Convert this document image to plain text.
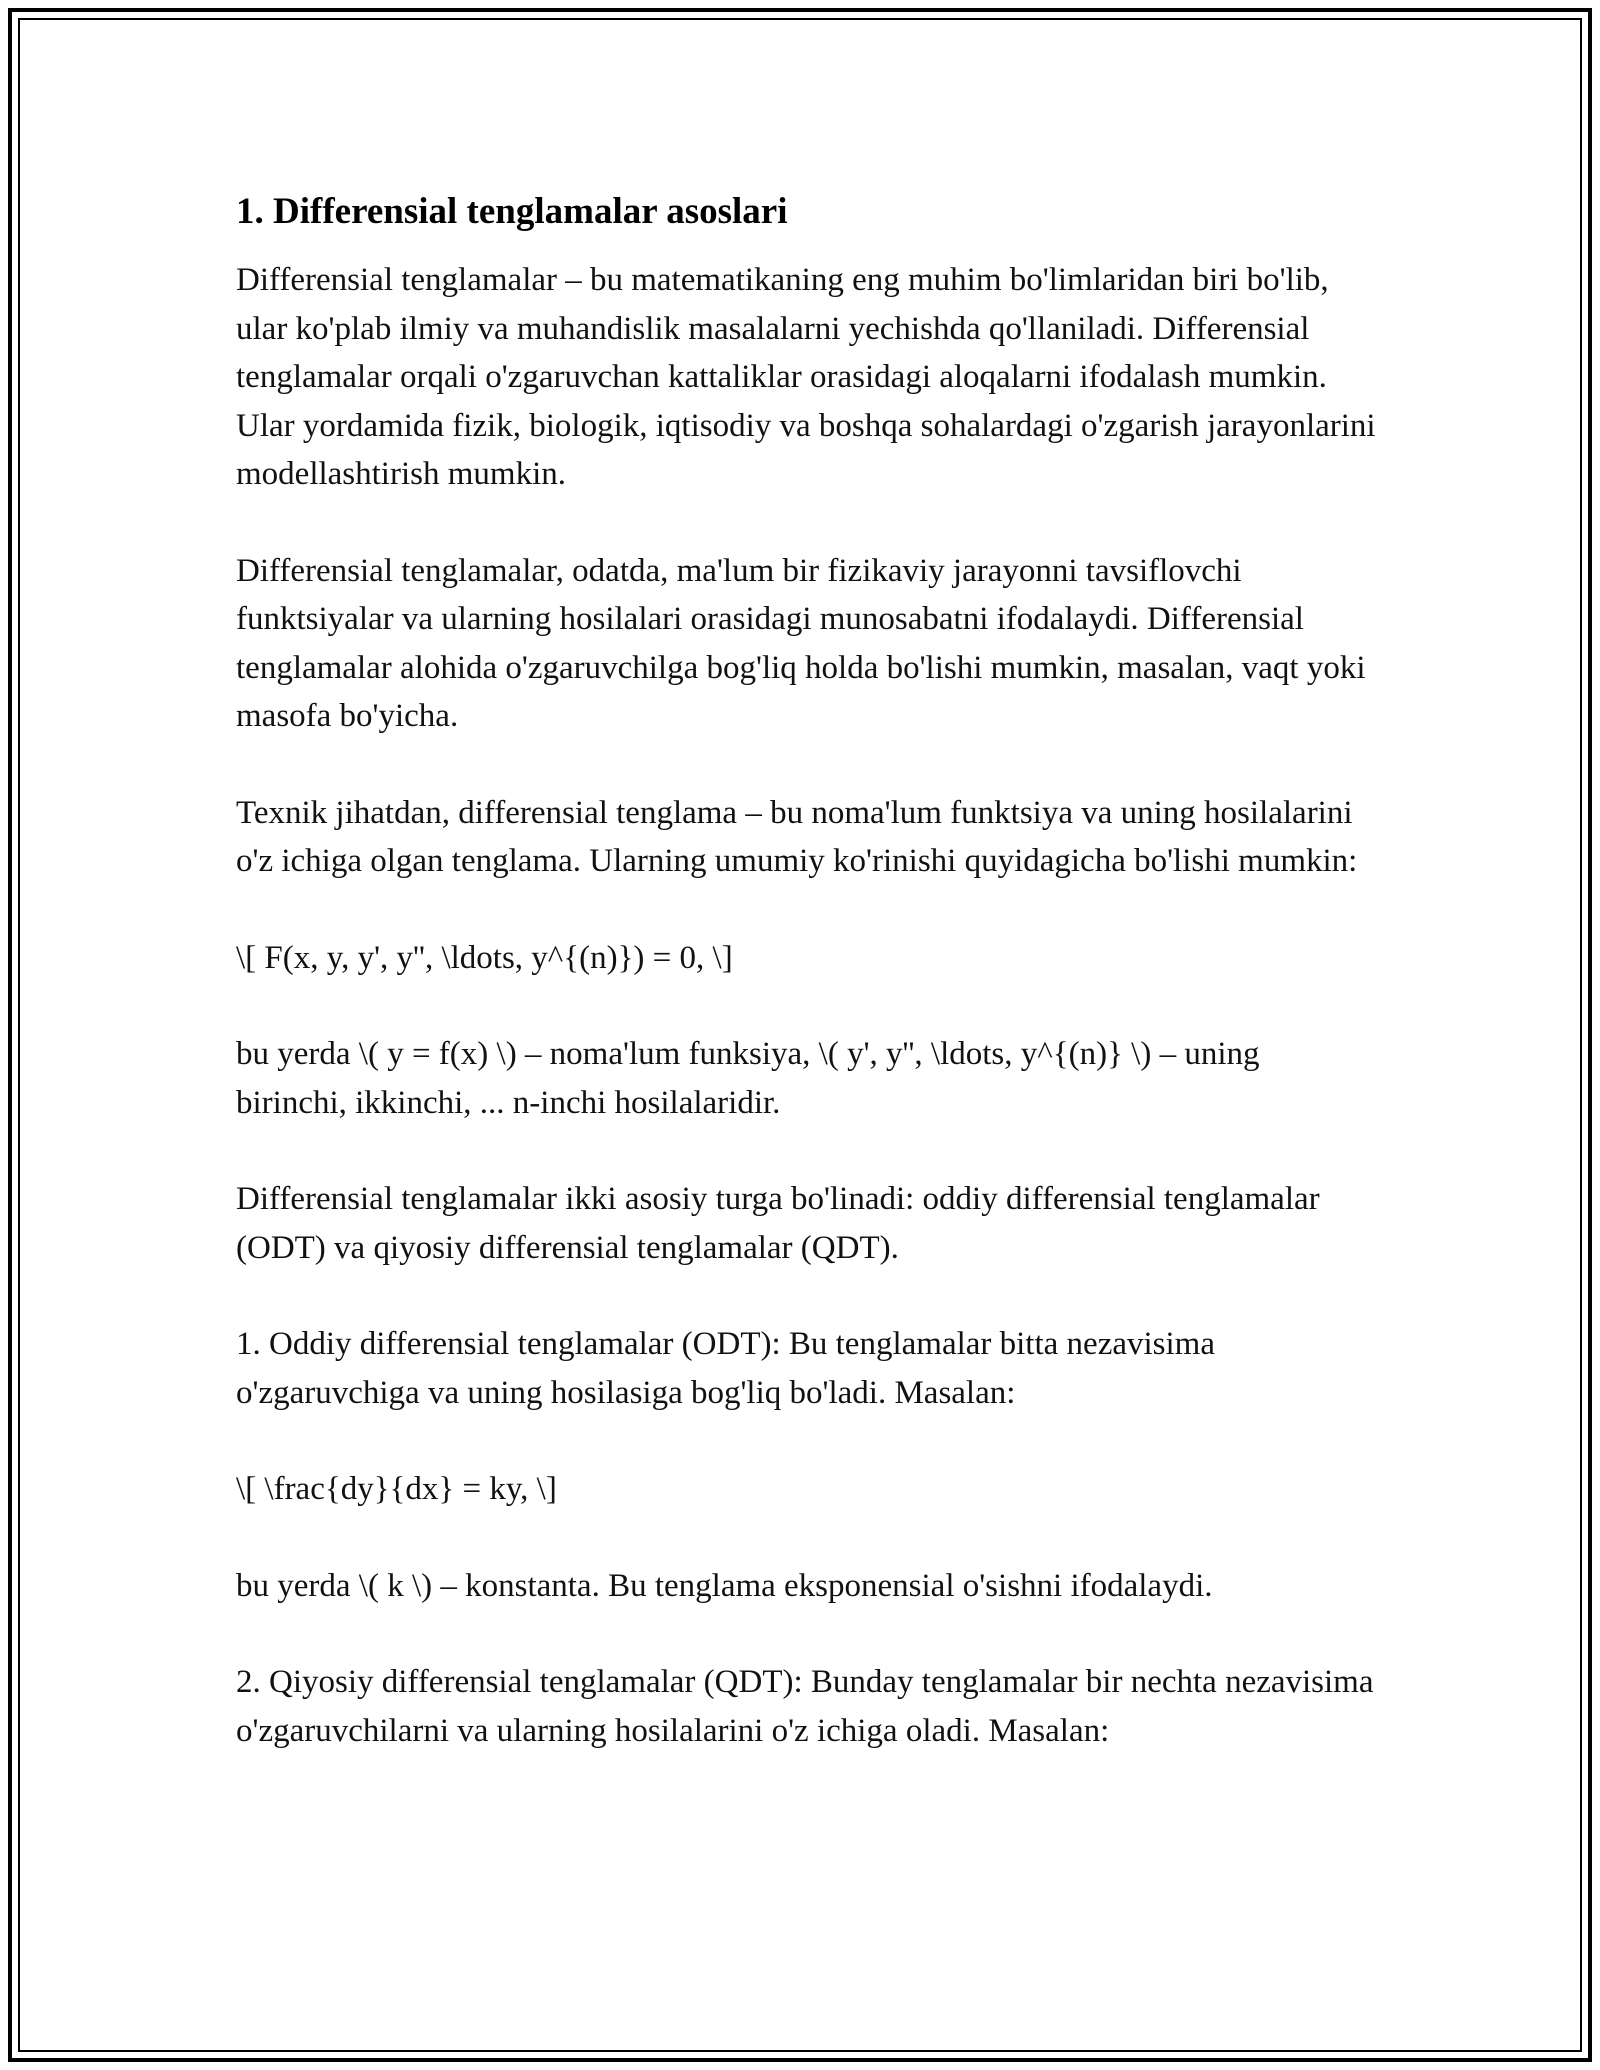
1. Differensial tenglamalar asoslari

Differensial tenglamalar – bu matematikaning eng muhim bo'limlaridan biri bo'lib, ular ko'plab ilmiy va muhandislik masalalarni yechishda qo'llaniladi. Differensial tenglamalar orqali o'zgaruvchan kattaliklar orasidagi aloqalarni ifodalash mumkin. Ular yordamida fizik, biologik, iqtisodiy va boshqa sohalardagi o'zgarish jarayonlarini modellashtirish mumkin.

Differensial tenglamalar, odatda, ma'lum bir fizikaviy jarayonni tavsiflovchi funktsiyalar va ularning hosilalari orasidagi munosabatni ifodalaydi. Differensial tenglamalar alohida o'zgaruvchilga bog'liq holda bo'lishi mumkin, masalan, vaqt yoki masofa bo'yicha.

Texnik jihatdan, differensial tenglama – bu noma'lum funktsiya va uning hosilalarini o'z ichiga olgan tenglama. Ularning umumiy ko'rinishi quyidagicha bo'lishi mumkin:

\[ F(x, y, y', y'', \ldots, y^{(n)}) = 0, \]

bu yerda \( y = f(x) \) – noma'lum funksiya, \( y', y'', \ldots, y^{(n)} \) – uning birinchi, ikkinchi, ... n-inchi hosilalaridir.

Differensial tenglamalar ikki asosiy turga bo'linadi: oddiy differensial tenglamalar (ODT) va qiyosiy differensial tenglamalar (QDT).

1. Oddiy differensial tenglamalar (ODT): Bu tenglamalar bitta nezavisima o'zgaruvchiga va uning hosilasiga bog'liq bo'ladi. Masalan:

\[ \frac{dy}{dx} = ky, \]

bu yerda \( k \) – konstanta. Bu tenglama eksponensial o'sishni ifodalaydi.

2. Qiyosiy differensial tenglamalar (QDT): Bunday tenglamalar bir nechta nezavisima o'zgaruvchilarni va ularning hosilalarini o'z ichiga oladi. Masalan:
